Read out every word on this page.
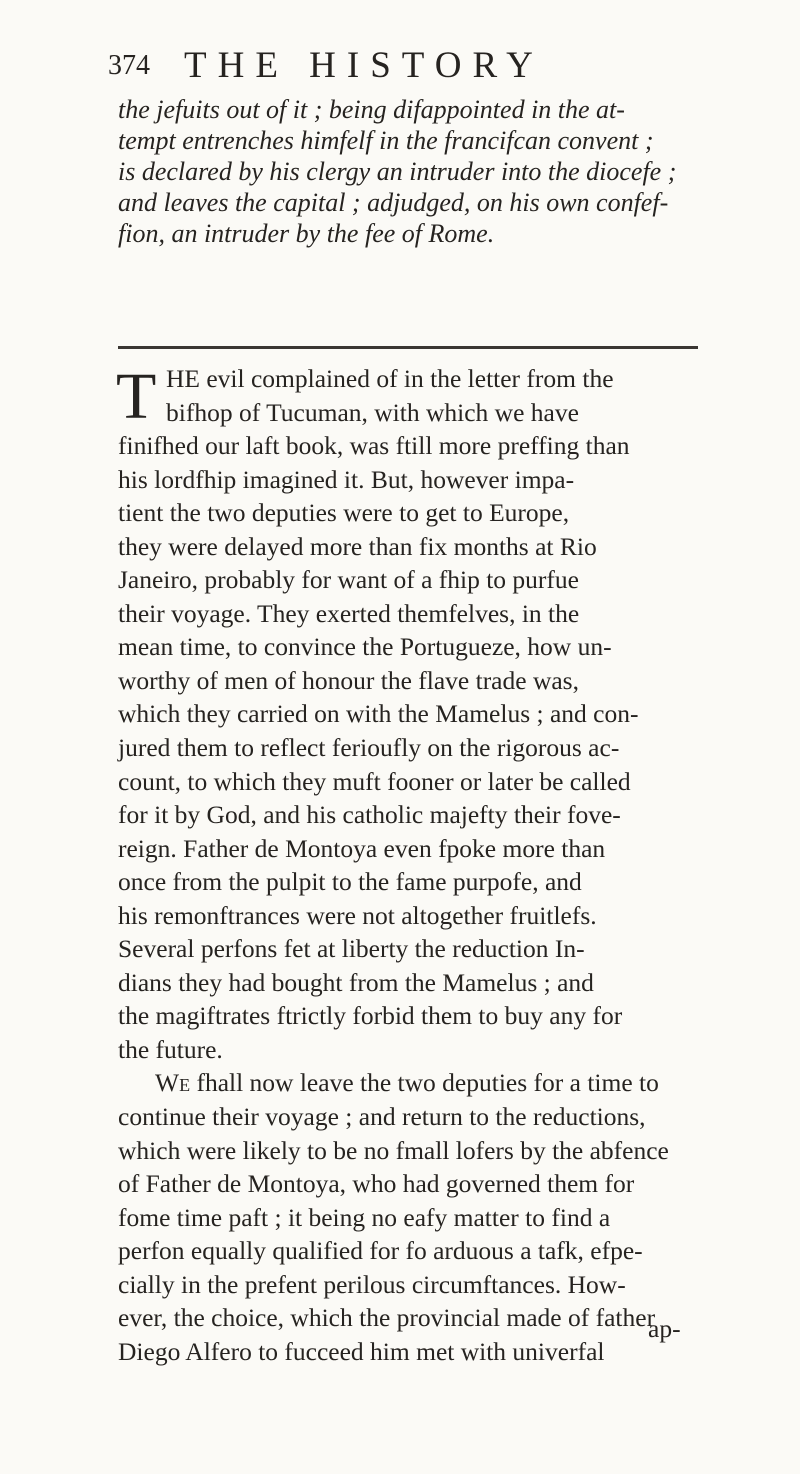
374 THE HISTORY
the jefuits out of it ; being difappointed in the at-
tempt entrenches himfelf in the francifcan convent ;
is declared by his clergy an intruder into the diocefe ;
and leaves the capital ; adjudged, on his own confef-
fion, an intruder by the fee of Rome.
T HE evil complained of in the letter from the
bifhop of Tucuman, with which we have
finifhed our laft book, was ftill more preffing than
his lordfhip imagined it. But, however impa-
tient the two deputies were to get to Europe,
they were delayed more than fix months at Rio
Janeiro, probably for want of a fhip to purfue
their voyage. They exerted themfelves, in the
mean time, to convince the Portugueze, how un-
worthy of men of honour the flave trade was,
which they carried on with the Mamelus ; and con-
jured them to reflect ferioufly on the rigorous ac-
count, to which they muft fooner or later be called
for it by God, and his catholic majefty their fove-
reign. Father de Montoya even fpoke more than
once from the pulpit to the fame purpofe, and
his remonftrances were not altogether fruitlefs.
Several perfons fet at liberty the reduction In-
dians they had bought from the Mamelus ; and
the magiftrates ftrictly forbid them to buy any for
the future.
We fhall now leave the two deputies for a time to
continue their voyage ; and return to the reductions,
which were likely to be no fmall lofers by the abfence
of Father de Montoya, who had governed them for
fome time paft ; it being no eafy matter to find a
perfon equally qualified for fo arduous a tafk, efpe-
cially in the prefent perilous circumftances. How-
ever, the choice, which the provincial made of father
Diego Alfero to fucceed him met with univerfal
ap-
